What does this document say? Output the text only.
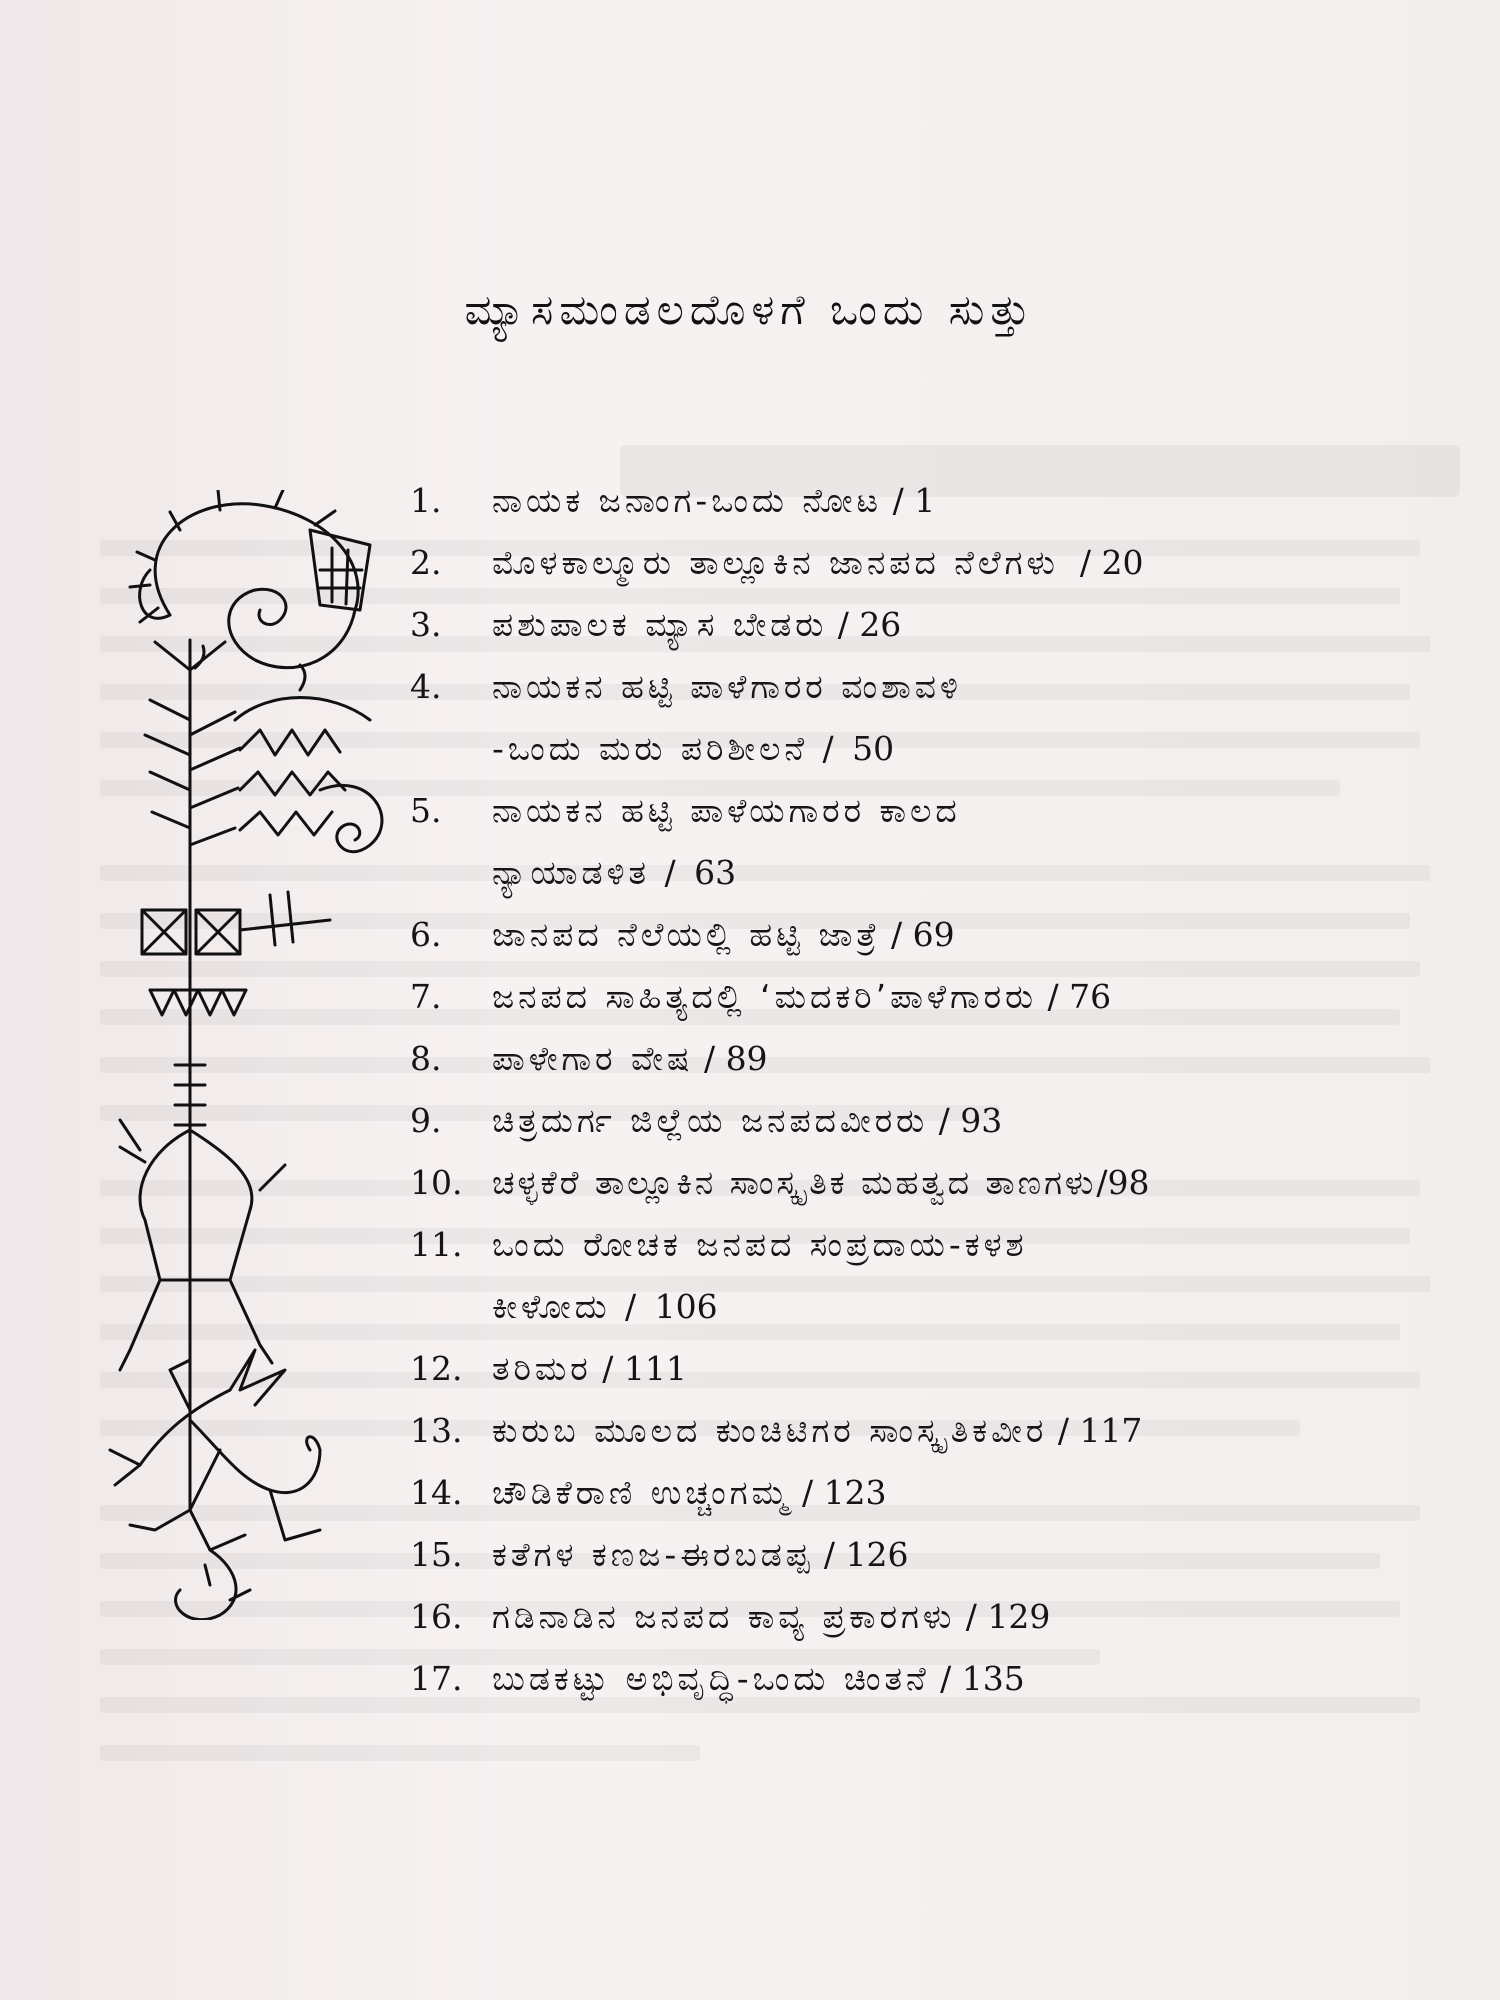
ಮ್ಯಾಸಮಂಡಲದೊಳಗೆ ಒಂದು ಸುತ್ತು
1. ನಾಯಕ ಜನಾಂಗ-ಒಂದು ನೋಟ / 1
2. ಮೊಳಕಾಲ್ಮೂರು ತಾಲ್ಲೂಕಿನ ಜಾನಪದ ನೆಲೆಗಳು  / 20
3. ಪಶುಪಾಲಕ ಮ್ಯಾಸ ಬೇಡರು / 26
4. ನಾಯಕನ ಹಟ್ಟಿ ಪಾಳೆಗಾರರ ವಂಶಾವಳಿ
-ಒಂದು ಮರು ಪರಿಶೀಲನೆ / 50
5. ನಾಯಕನ ಹಟ್ಟಿ ಪಾಳೆಯಗಾರರ ಕಾಲದ
ನ್ಯಾಯಾಡಳಿತ / 63
6. ಜಾನಪದ ನೆಲೆಯಲ್ಲಿ ಹಟ್ಟಿ ಜಾತ್ರೆ / 69
7. ಜನಪದ ಸಾಹಿತ್ಯದಲ್ಲಿ ‘ಮದಕರಿ’ಪಾಳೆಗಾರರು / 76
8. ಪಾಳೇಗಾರ ವೇಷ / 89
9. ಚಿತ್ರದುರ್ಗ ಜಿಲ್ಲೆಯ ಜನಪದವೀರರು / 93
10. ಚಳ್ಳಕೆರೆ ತಾಲ್ಲೂಕಿನ ಸಾಂಸ್ಕೃತಿಕ ಮಹತ್ವದ ತಾಣಗಳು/98
11. ಒಂದು ರೋಚಕ ಜನಪದ ಸಂಪ್ರದಾಯ-ಕಳಶ
ಕೀಳೋದು / 106
12. ತರಿಮರ / 111
13. ಕುರುಬ ಮೂಲದ ಕುಂಚಿಟಿಗರ ಸಾಂಸ್ಕೃತಿಕವೀರ / 117
14. ಚೌಡಿಕೆರಾಣಿ ಉಚ್ಚಂಗಮ್ಮ / 123
15. ಕತೆಗಳ ಕಣಜ-ಈರಬಡಪ್ಪ / 126
16. ಗಡಿನಾಡಿನ ಜನಪದ ಕಾವ್ಯ ಪ್ರಕಾರಗಳು / 129
17. ಬುಡಕಟ್ಟು ಅಭಿವೃದ್ಧಿ-ಒಂದು ಚಿಂತನೆ / 135
